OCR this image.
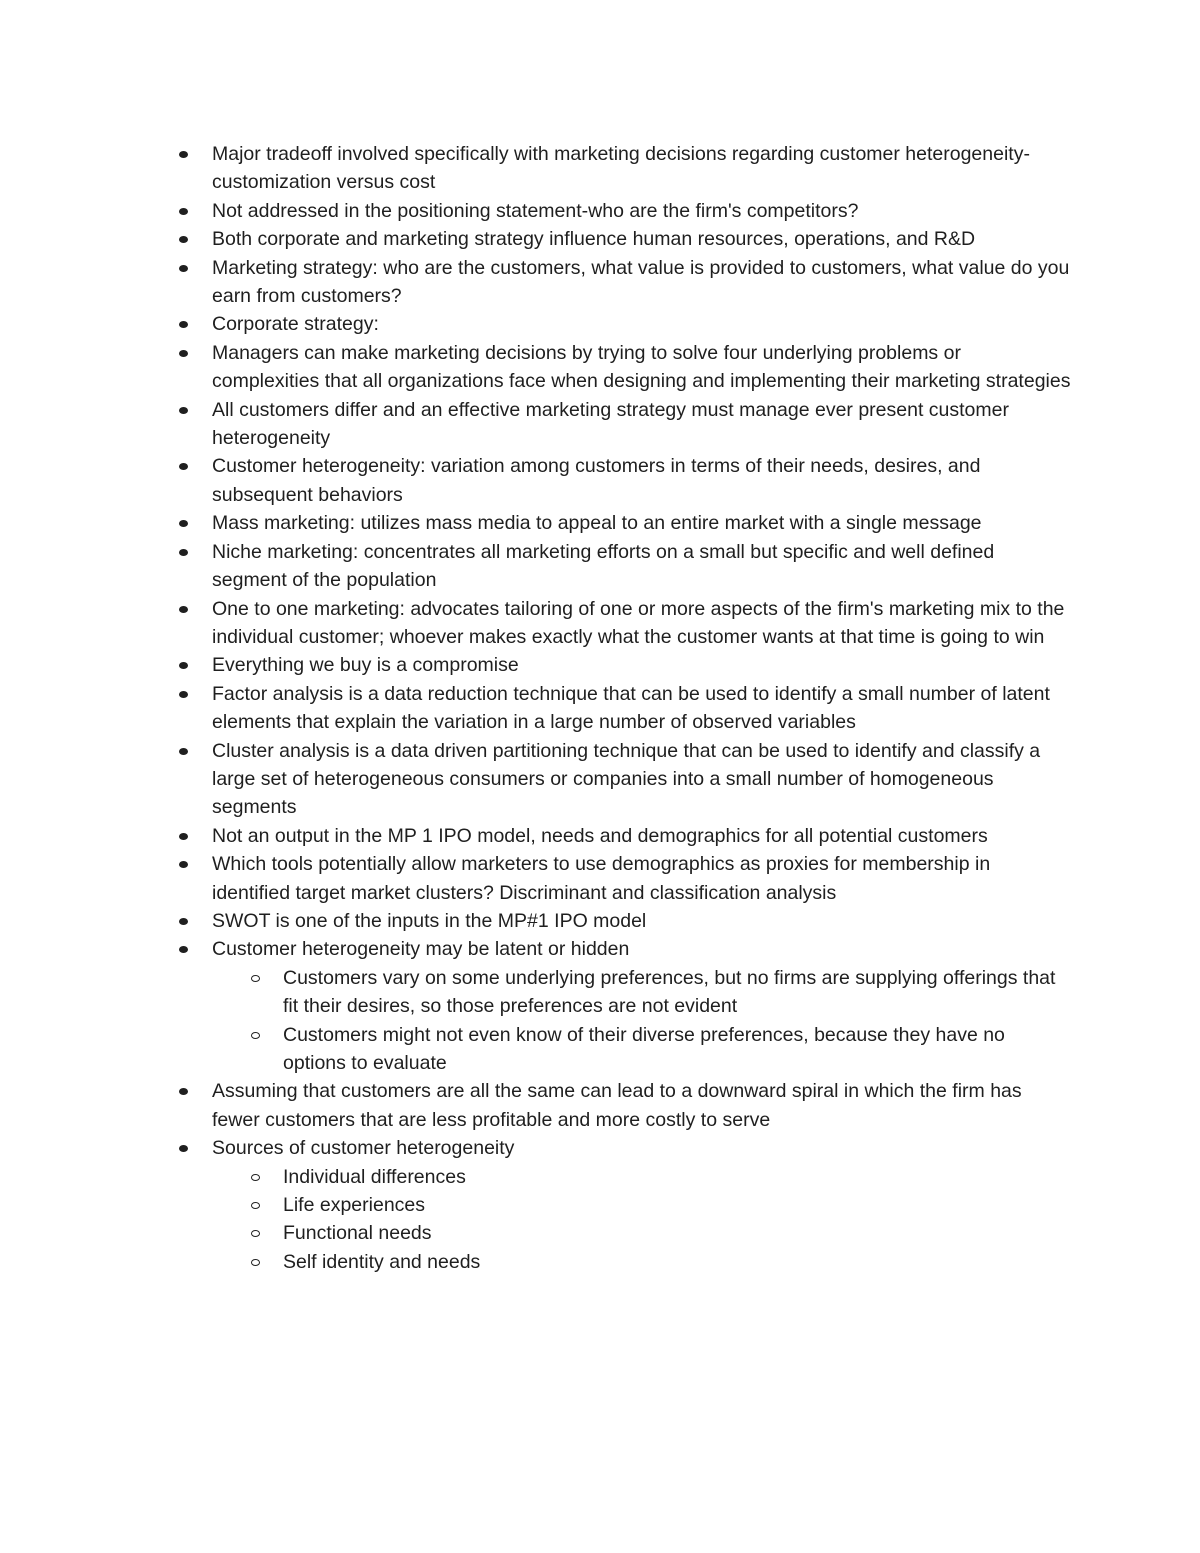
Major tradeoff involved specifically with marketing decisions regarding customer heterogeneity-customization versus cost
Not addressed in the positioning statement-who are the firm's competitors?
Both corporate and marketing strategy influence human resources, operations, and R&D
Marketing strategy: who are the customers, what value is provided to customers, what value do you earn from customers?
Corporate strategy:
Managers can make marketing decisions by trying to solve four underlying problems or complexities that all organizations face when designing and implementing their marketing strategies
All customers differ and an effective marketing strategy must manage ever present customer heterogeneity
Customer heterogeneity: variation among customers in terms of their needs, desires, and subsequent behaviors
Mass marketing: utilizes mass media to appeal to an entire market with a single message
Niche marketing: concentrates all marketing efforts on a small but specific and well defined segment of the population
One to one marketing: advocates tailoring of one or more aspects of the firm's marketing mix to the individual customer; whoever makes exactly what the customer wants at that time is going to win
Everything we buy is a compromise
Factor analysis is a data reduction technique that can be used to identify a small number of latent elements that explain the variation in a large number of observed variables
Cluster analysis is a data driven partitioning technique that can be used to identify and classify a large set of heterogeneous consumers or companies into a small number of homogeneous segments
Not an output in the MP 1 IPO model, needs and demographics for all potential customers
Which tools potentially allow marketers to use demographics as proxies for membership in identified target market clusters? Discriminant and classification analysis
SWOT is one of the inputs in the MP#1 IPO model
Customer heterogeneity may be latent or hidden
Customers vary on some underlying preferences, but no firms are supplying offerings that fit their desires, so those preferences are not evident
Customers might not even know of their diverse preferences, because they have no options to evaluate
Assuming that customers are all the same can lead to a downward spiral in which the firm has fewer customers that are less profitable and more costly to serve
Sources of customer heterogeneity
Individual differences
Life experiences
Functional needs
Self identity and needs
